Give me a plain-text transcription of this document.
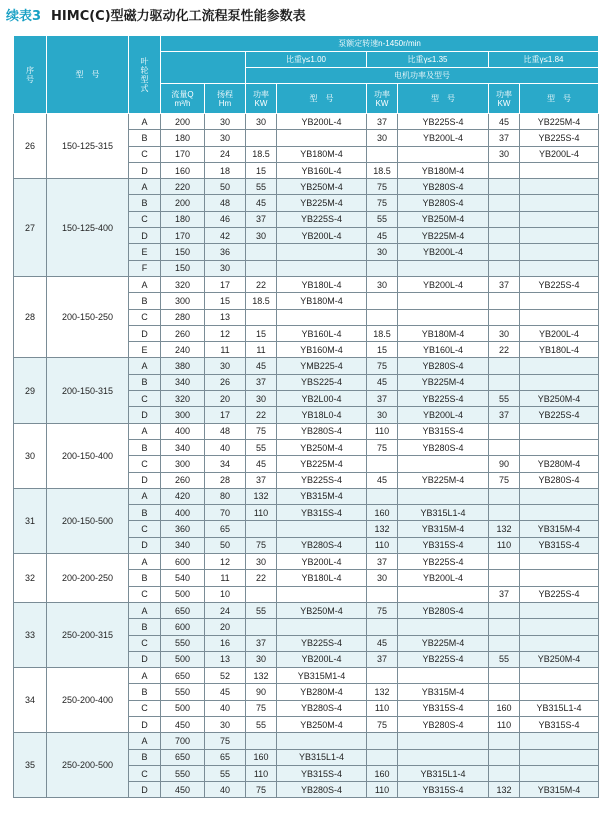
续表3 HIMC(C)型磁力驱动化工流程泵性能参数表
序
号	型　号	叶
轮
型
式	泵额定转速n-1450r/min							
					比重γ≤1.00		比重γ≤1.35		比重γ≤1.84	
					电机功率及型号					
			流量Q
m³/h	扬程
Hm	功率
KW	型　号	功率
KW	型　号	功率
KW	型　号
26	150-125-315	A	200	30	30	YB200L-4	37	YB225S-4	45	YB225M-4
		B	180	30			30	YB200L-4	37	YB225S-4
		C	170	24	18.5	YB180M-4			30	YB200L-4
		D	160	18	15	YB160L-4	18.5	YB180M-4		
27	150-125-400	A	220	50	55	YB250M-4	75	YB280S-4		
		B	200	48	45	YB225M-4	75	YB280S-4		
		C	180	46	37	YB225S-4	55	YB250M-4		
		D	170	42	30	YB200L-4	45	YB225M-4		
		E	150	36			30	YB200L-4		
		F	150	30						
28	200-150-250	A	320	17	22	YB180L-4	30	YB200L-4	37	YB225S-4
		B	300	15	18.5	YB180M-4				
		C	280	13						
		D	260	12	15	YB160L-4	18.5	YB180M-4	30	YB200L-4
		E	240	11	11	YB160M-4	15	YB160L-4	22	YB180L-4
29	200-150-315	A	380	30	45	YMB225-4	75	YB280S-4		
		B	340	26	37	YBS225-4	45	YB225M-4		
		C	320	20	30	YB2L00-4	37	YB225S-4	55	YB250M-4
		D	300	17	22	YB18L0-4	30	YB200L-4	37	YB225S-4
30	200-150-400	A	400	48	75	YB280S-4	110	YB315S-4		
		B	340	40	55	YB250M-4	75	YB280S-4		
		C	300	34	45	YB225M-4			90	YB280M-4
		D	260	28	37	YB225S-4	45	YB225M-4	75	YB280S-4
31	200-150-500	A	420	80	132	YB315M-4				
		B	400	70	110	YB315S-4	160	YB315L1-4		
		C	360	65			132	YB315M-4	132	YB315M-4
		D	340	50	75	YB280S-4	110	YB315S-4	110	YB315S-4
32	200-200-250	A	600	12	30	YB200L-4	37	YB225S-4		
		B	540	11	22	YB180L-4	30	YB200L-4		
		C	500	10					37	YB225S-4
33	250-200-315	A	650	24	55	YB250M-4	75	YB280S-4		
		B	600	20						
		C	550	16	37	YB225S-4	45	YB225M-4		
		D	500	13	30	YB200L-4	37	YB225S-4	55	YB250M-4
34	250-200-400	A	650	52	132	YB315M1-4				
		B	550	45	90	YB280M-4	132	YB315M-4		
		C	500	40	75	YB280S-4	110	YB315S-4	160	YB315L1-4
		D	450	30	55	YB250M-4	75	YB280S-4	110	YB315S-4
35	250-200-500	A	700	75						
		B	650	65	160	YB315L1-4				
		C	550	55	110	YB315S-4	160	YB315L1-4		
		D	450	40	75	YB280S-4	110	YB315S-4	132	YB315M-4
